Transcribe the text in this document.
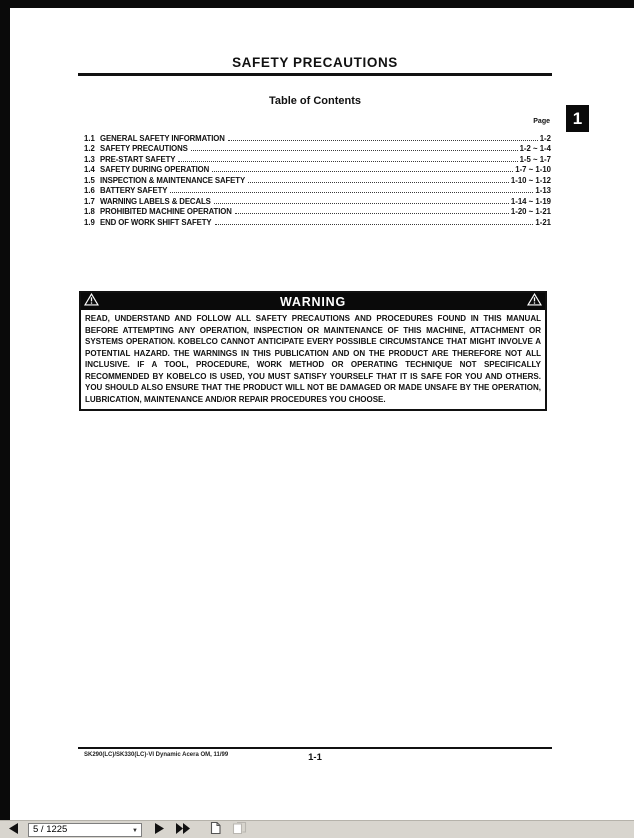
SAFETY PRECAUTIONS
Table of Contents
Page
1.1 GENERAL SAFETY INFORMATION	1-2
1.2 SAFETY PRECAUTIONS	1-2 ~ 1-4
1.3 PRE-START SAFETY	1-5 ~ 1-7
1.4 SAFETY DURING OPERATION	1-7 ~ 1-10
1.5 INSPECTION & MAINTENANCE SAFETY	1-10 ~ 1-12
1.6 BATTERY SAFETY	1-13
1.7 WARNING LABELS & DECALS	1-14 ~ 1-19
1.8 PROHIBITED MACHINE OPERATION	1-20 ~ 1-21
1.9 END OF WORK SHIFT SAFETY	1-21
WARNING
READ, UNDERSTAND AND FOLLOW ALL SAFETY PRECAUTIONS AND PROCEDURES FOUND IN THIS MANUAL BEFORE ATTEMPTING ANY OPERATION, INSPECTION OR MAINTENANCE OF THIS MACHINE, ATTACHMENT OR SYSTEMS OPERATION. KOBELCO CANNOT ANTICIPATE EVERY POSSIBLE CIRCUMSTANCE THAT MIGHT INVOLVE A POTENTIAL HAZARD. THE WARNINGS IN THIS PUBLICATION AND ON THE PRODUCT ARE THEREFORE NOT ALL INCLUSIVE. IF A TOOL, PROCEDURE, WORK METHOD OR OPERATING TECHNIQUE NOT SPECIFICALLY RECOMMENDED BY KOBELCO IS USED, YOU MUST SATISFY YOURSELF THAT IT IS SAFE FOR YOU AND OTHERS. YOU SHOULD ALSO ENSURE THAT THE PRODUCT WILL NOT BE DAMAGED OR MADE UNSAFE BY THE OPERATION, LUBRICATION, MAINTENANCE AND/OR REPAIR PROCEDURES YOU CHOOSE.
SK290(LC)/SK330(LC)-VI Dynamic Acera OM, 11/99	1-1
1
5 / 1225	▼
